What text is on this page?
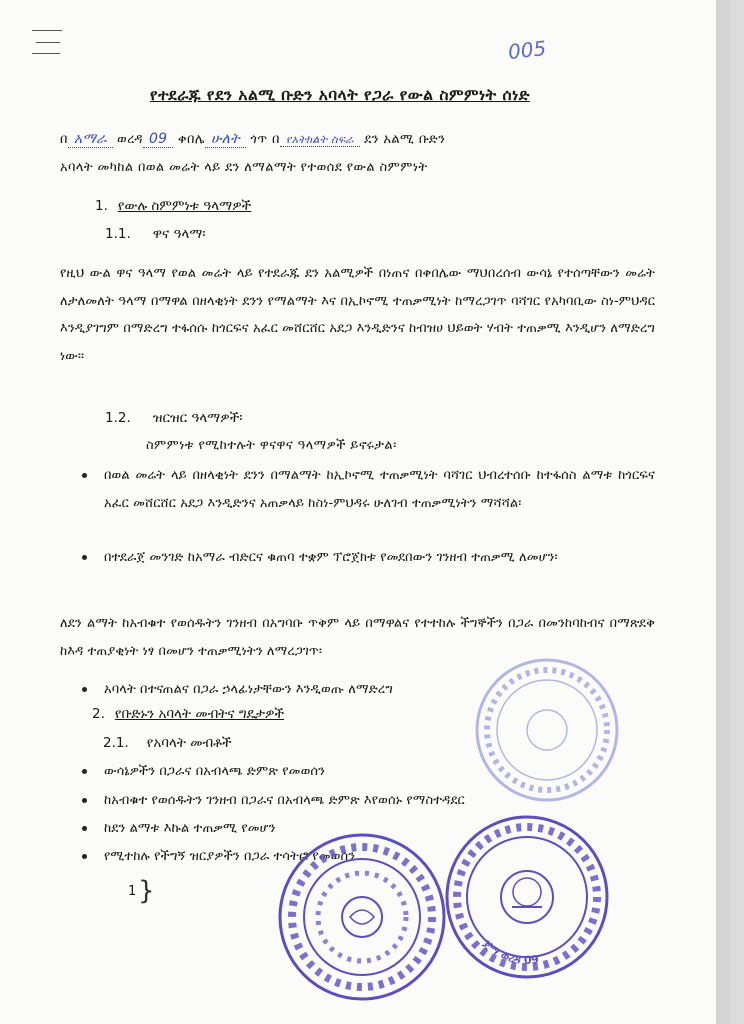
005
የተደራጁ የደን አልሚ ቡድን አባላት የጋራ የውል ስምምነት ሰነድ
በ አማራ ወረዳ 09 ቀበሌ ሁለት ጎጥ በ የአትክልት ስፍራ ደን አልሚ ቡድን
አባላት መካከል በወል መሬት ላይ ደን ለማልማት የተወሰደ የውል ስምምነት
1. የውሉ ስምምነቱ ዓላማዎች
1.1. ዋና ዓላማ፡
የዚህ ውል ዋና ዓላማ የወል መሬት ላይ የተደራጁ ደን አልሚዎች በነጠና በቀበሌው ማህበረሰብ ውሳኔ የተሰጣቸውን መሬት ለታለመለት ዓላማ በማዋል በዘላቂነት ደንን የማልማት እና በኢኮኖሚ ተጠቃሚነት ከማረጋገጥ ባሻገር የአካባቢው ስነ-ምህዳር እንዲያገግም በማድረግ ተፋሰሱ ከጎርፍና አፈር መሸርሸር አደጋ እንዲድንና ከብዝሀ ህይወት ሃብት ተጠቃሚ እንዲሆን ለማድረግ ነው፡፡
1.2. ዝርዝር ዓላማዎች፡
ስምምነቱ የሚከተሉት ዋናዋና ዓላማዎች ይኖሩታል፡
በወል መሬት ላይ በዘላቂነት ደንን በማልማት ከኢኮኖሚ ተጠቃሚነት ባሻገር ህብረተሰቡ ከተፋሰስ ልማቱ ከጎርፍና አፈር መሸርሸር አደጋ እንዲድንና አጠቃላይ ከስነ-ምህዳሩ ሁለገብ ተጠቃሚነትን ማሻሻል፡
በተደራጀ መንገድ ከአማራ ብድርና ቁጠባ ተቋም ፕሮጀክቱ የመደበውን ገንዘብ ተጠቃሚ ለመሆን፡
ለደን ልማት ከአብቁተ የወሰዱትን ገንዘብ በአግባቡ ጥቅም ላይ በማዋልና የተተከሉ ችግኞችን በጋራ በመንከባከብና በማጽደቅ ከእዳ ተጠያቂነት ነፃ በመሆን ተጠቃሚነትን ለማረጋገጥ፡
አባላት በተናጠልና በጋራ ኃላፊነታቸውን እንዲወጡ ለማድረግ
2. የቡድኑን አባላት መብትና ግዴታዎች
2.1. የአባላት መብቶች
ውሳኔዎችን በጋራና በአብላጫ ድምጽ የመወሰን
ከአብቁተ የወሰዱትን ገንዘብ በጋራና በአብላጫ ድምጽ እየወሰኑ የማስተዳደር
ከደን ልማቱ እኩል ተጠቃሚ የመሆን
የሚተከሉ የችግኝ ዝርያዎችን በጋራ ተሳትፎ የመወሰን
1 }
ጀማ ወረዳ 09
